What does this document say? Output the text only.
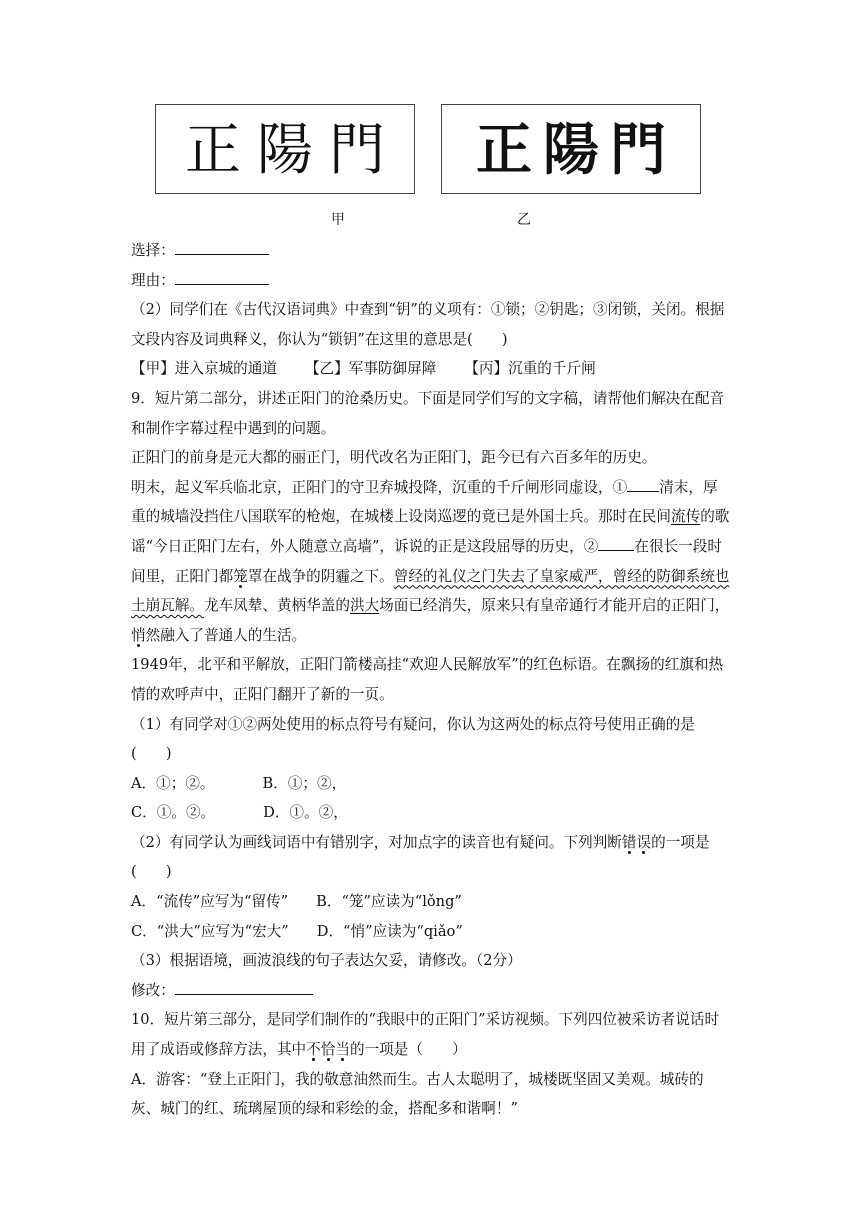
正陽門 正陽門
甲	乙

选择：

理由：

（2）同学们在《古代汉语词典》中查到“钥”的义项有：①锁；②钥匙；③闭锁，关闭。根据文段内容及词典释义，你认为“锁钥”在这里的意思是(　　)

【甲】进入京城的通道 【乙】军事防御屏障 【丙】沉重的千斤闸

9．短片第二部分，讲述正阳门的沧桑历史。下面是同学们写的文字稿，请帮他们解决在配音和制作字幕过程中遇到的问题。

正阳门的前身是元大都的丽正门，明代改名为正阳门，距今已有六百多年的历史。

明末，起义军兵临北京，正阳门的守卫弃城投降，沉重的千斤闸形同虚设，① 清末，厚重的城墙没挡住八国联军的枪炮，在城楼上设岗巡逻的竟已是外国士兵。那时在民间流传的歌谣“今日正阳门左右，外人随意立高墙”，诉说的正是这段屈辱的历史，② 在很长一段时间里，正阳门都笼罩在战争的阴霾之下。曾经的礼仪之门失去了皇家威严，曾经的防御系统也土崩瓦解。龙车凤辇、黄柄华盖的洪大场面已经消失，原来只有皇帝通行才能开启的正阳门，悄然融入了普通人的生活。

1949年，北平和平解放，正阳门箭楼高挂“欢迎人民解放军”的红色标语。在飘扬的红旗和热情的欢呼声中，正阳门翻开了新的一页。

（1）有同学对①②两处使用的标点符号有疑问，你认为这两处的标点符号使用正确的是(　　)

A．①；②。	B．①；②，

C．①。②。	D．①。②，

（2）有同学认为画线词语中有错别字，对加点字的读音也有疑问。下列判断错误的一项是(　　)

A．“流传”应写为“留传” B．“笼”应读为“lǒng”

C．“洪大”应写为“宏大” D．“悄”应读为“qiǎo”

（3）根据语境，画波浪线的句子表达欠妥，请修改。（2分）

修改：

10．短片第三部分，是同学们制作的“我眼中的正阳门”采访视频。下列四位被采访者说话时用了成语或修辞方法，其中不恰当的一项是（　　）

A．游客：“登上正阳门，我的敬意油然而生。古人太聪明了，城楼既坚固又美观。城砖的灰、城门的红、琉璃屋顶的绿和彩绘的金，搭配多和谐啊！”
